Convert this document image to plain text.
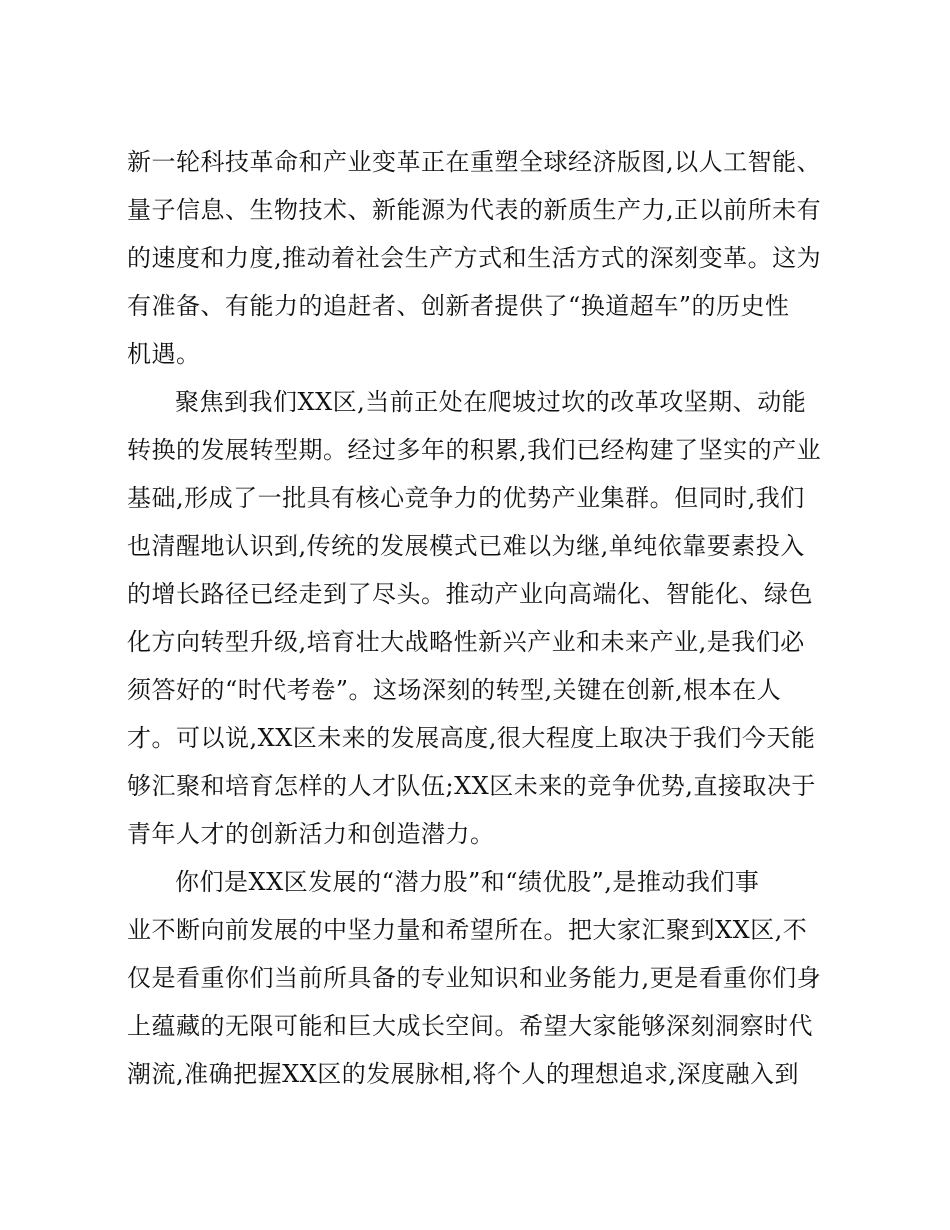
新一轮科技革命和产业变革正在重塑全球经济版图,以人工智能、
量子信息、生物技术、新能源为代表的新质生产力,正以前所未有
的速度和力度,推动着社会生产方式和生活方式的深刻变革。这为
有准备、有能力的追赶者、创新者提供了“换道超车”的历史性
机遇。
聚焦到我们XX区,当前正处在爬坡过坎的改革攻坚期、动能
转换的发展转型期。经过多年的积累,我们已经构建了坚实的产业
基础,形成了一批具有核心竞争力的优势产业集群。但同时,我们
也清醒地认识到,传统的发展模式已难以为继,单纯依靠要素投入
的增长路径已经走到了尽头。推动产业向高端化、智能化、绿色
化方向转型升级,培育壮大战略性新兴产业和未来产业,是我们必
须答好的“时代考卷”。这场深刻的转型,关键在创新,根本在人
才。可以说,XX区未来的发展高度,很大程度上取决于我们今天能
够汇聚和培育怎样的人才队伍;XX区未来的竞争优势,直接取决于
青年人才的创新活力和创造潜力。
你们是XX区发展的“潜力股”和“绩优股”,是推动我们事
业不断向前发展的中坚力量和希望所在。把大家汇聚到XX区,不
仅是看重你们当前所具备的专业知识和业务能力,更是看重你们身
上蕴藏的无限可能和巨大成长空间。希望大家能够深刻洞察时代
潮流,准确把握XX区的发展脉相,将个人的理想追求,深度融入到
